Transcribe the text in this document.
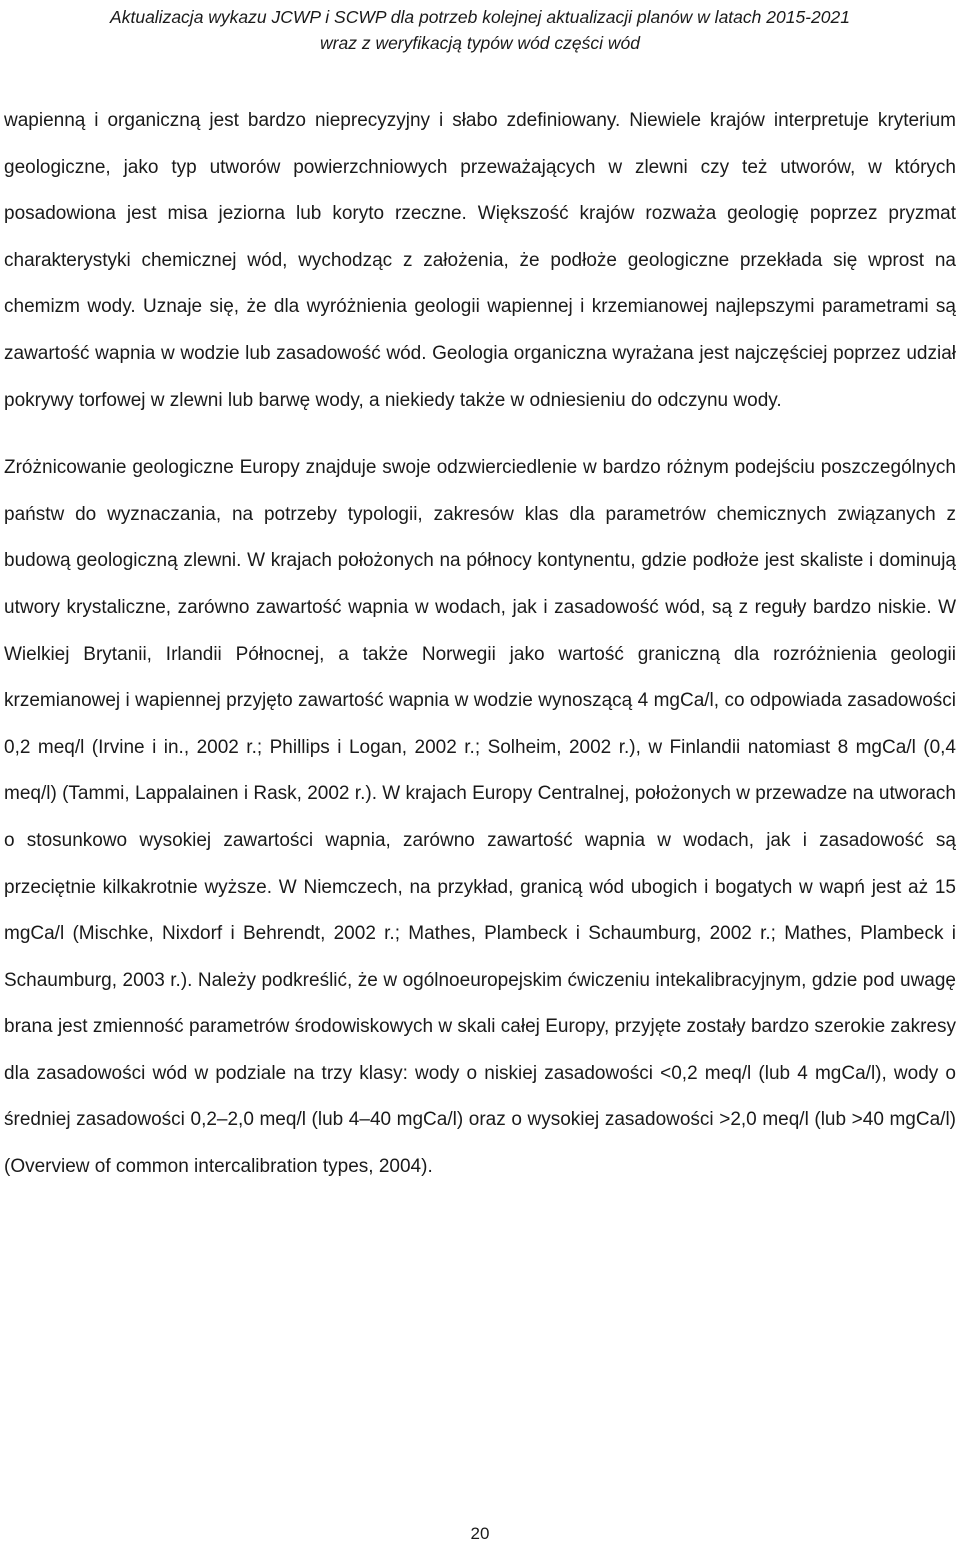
Aktualizacja wykazu JCWP i SCWP dla potrzeb kolejnej aktualizacji planów w latach 2015-2021
wraz z weryfikacją typów wód części wód

wapienną i organiczną jest bardzo nieprecyzyjny i słabo zdefiniowany. Niewiele krajów interpretuje kryterium geologiczne, jako typ utworów powierzchniowych przeważających w zlewni czy też utworów, w których posadowiona jest misa jeziorna lub koryto rzeczne. Większość krajów rozważa geologię poprzez pryzmat charakterystyki chemicznej wód, wychodząc z założenia, że podłoże geologiczne przekłada się wprost na chemizm wody. Uznaje się, że dla wyróżnienia geologii wapiennej i krzemianowej najlepszymi parametrami są zawartość wapnia w wodzie lub zasadowość wód. Geologia organiczna wyrażana jest najczęściej poprzez udział pokrywy torfowej w zlewni lub barwę wody, a niekiedy także w odniesieniu do odczynu wody.

Zróżnicowanie geologiczne Europy znajduje swoje odzwierciedlenie w bardzo różnym podejściu poszczególnych państw do wyznaczania, na potrzeby typologii, zakresów klas dla parametrów chemicznych związanych z budową geologiczną zlewni. W krajach położonych na północy kontynentu, gdzie podłoże jest skaliste i dominują utwory krystaliczne, zarówno zawartość wapnia w wodach, jak i zasadowość wód, są z reguły bardzo niskie. W Wielkiej Brytanii, Irlandii Północnej, a także Norwegii jako wartość graniczną dla rozróżnienia geologii krzemianowej i wapiennej przyjęto zawartość wapnia w wodzie wynoszącą 4 mgCa/l, co odpowiada zasadowości 0,2 meq/l (Irvine i in., 2002 r.; Phillips i Logan, 2002 r.; Solheim, 2002 r.), w Finlandii natomiast 8 mgCa/l (0,4 meq/l) (Tammi, Lappalainen i Rask, 2002 r.). W krajach Europy Centralnej, położonych w przewadze na utworach o stosunkowo wysokiej zawartości wapnia, zarówno zawartość wapnia w wodach, jak i zasadowość są przeciętnie kilkakrotnie wyższe. W Niemczech, na przykład, granicą wód ubogich i bogatych w wapń jest aż 15 mgCa/l (Mischke, Nixdorf i Behrendt, 2002 r.; Mathes, Plambeck i Schaumburg, 2002 r.; Mathes, Plambeck i Schaumburg, 2003 r.). Należy podkreślić, że w ogólnoeuropejskim ćwiczeniu intekalibracyjnym, gdzie pod uwagę brana jest zmienność parametrów środowiskowych w skali całej Europy, przyjęte zostały bardzo szerokie zakresy dla zasadowości wód w podziale na trzy klasy: wody o niskiej zasadowości <0,2 meq/l (lub 4 mgCa/l), wody o średniej zasadowości 0,2–2,0 meq/l (lub 4–40 mgCa/l) oraz o wysokiej zasadowości >2,0 meq/l (lub >40 mgCa/l) (Overview of common intercalibration types, 2004).

20
